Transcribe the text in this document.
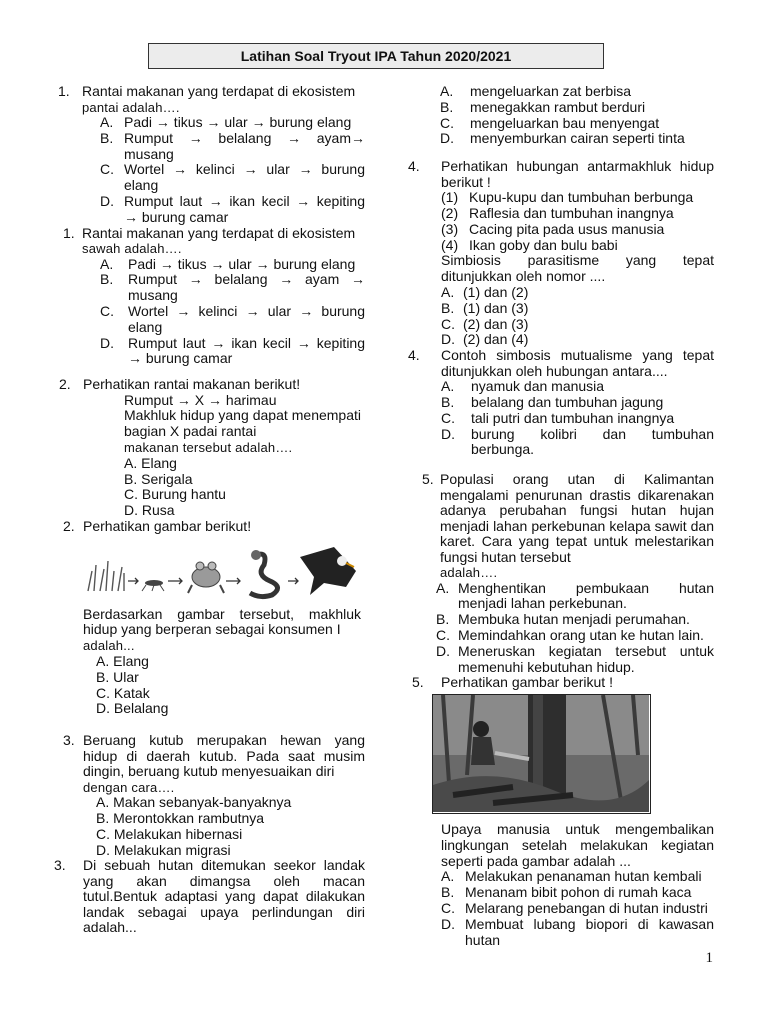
Latihan Soal Tryout IPA Tahun 2020/2021
1. Rantai makanan yang terdapat di ekosistem
pantai adalah….
A. Padi → tikus → ular → burung elang
B. Rumput → belalang → ayam→ musang
C. Wortel → kelinci → ular → burung elang
D. Rumput laut → ikan kecil → kepiting → burung camar
1. Rantai makanan yang terdapat di ekosistem
sawah adalah….
A. Padi → tikus → ular → burung elang
B. Rumput → belalang → ayam → musang
C. Wortel → kelinci → ular → burung elang
D. Rumput laut → ikan kecil → kepiting → burung camar
2. Perhatikan rantai makanan berikut!
Rumput → X → harimau
Makhluk hidup yang dapat menempati bagian X padai rantai
makanan tersebut adalah….
A. Elang
B. Serigala
C. Burung hantu
D. Rusa
2. Perhatikan gambar berikut!
Berdasarkan gambar tersebut, makhluk hidup yang berperan sebagai konsumen I
adalah...
A. Elang
B. Ular
C. Katak
D. Belalang
3. Beruang kutub merupakan hewan yang hidup di daerah kutub. Pada saat musim dingin, beruang kutub menyesuaikan diri
dengan cara….
A. Makan sebanyak-banyaknya
B. Merontokkan rambutnya
C. Melakukan hibernasi
D. Melakukan migrasi
3. Di sebuah hutan ditemukan seekor landak yang akan dimangsa oleh macan tutul.Bentuk adaptasi yang dapat dilakukan landak sebagai upaya perlindungan diri adalah...
A. mengeluarkan zat berbisa
B. menegakkan rambut berduri
C. mengeluarkan bau menyengat
D. menyemburkan cairan seperti tinta
4. Perhatikan hubungan antarmakhluk hidup berikut !
(1) Kupu-kupu dan tumbuhan berbunga
(2) Raflesia dan tumbuhan inangnya
(3) Cacing pita pada usus manusia
(4) Ikan goby dan bulu babi
Simbiosis parasitisme yang tepat ditunjukkan oleh nomor ....
A. (1) dan (2)
B. (1) dan (3)
C. (2) dan (3)
D. (2) dan (4)
4. Contoh simbosis mutualisme yang tepat ditunjukkan oleh hubungan antara....
A. nyamuk dan manusia
B. belalang dan tumbuhan jagung
C. tali putri dan tumbuhan inangnya
D. burung kolibri dan tumbuhan berbunga.
5. Populasi orang utan di Kalimantan mengalami penurunan drastis dikarenakan adanya perubahan fungsi hutan hujan menjadi lahan perkebunan kelapa sawit dan karet. Cara yang tepat untuk melestarikan fungsi hutan tersebut
adalah….
A. Menghentikan pembukaan hutan menjadi lahan perkebunan.
B. Membuka hutan menjadi perumahan.
C. Memindahkan orang utan ke hutan lain.
D. Meneruskan kegiatan tersebut untuk memenuhi kebutuhan hidup.
5. Perhatikan gambar berikut !
Upaya manusia untuk mengembalikan lingkungan setelah melakukan kegiatan seperti pada gambar adalah ...
A. Melakukan penanaman hutan kembali
B. Menanam bibit pohon di rumah kaca
C. Melarang penebangan di hutan industri
D. Membuat lubang biopori di kawasan hutan
1
